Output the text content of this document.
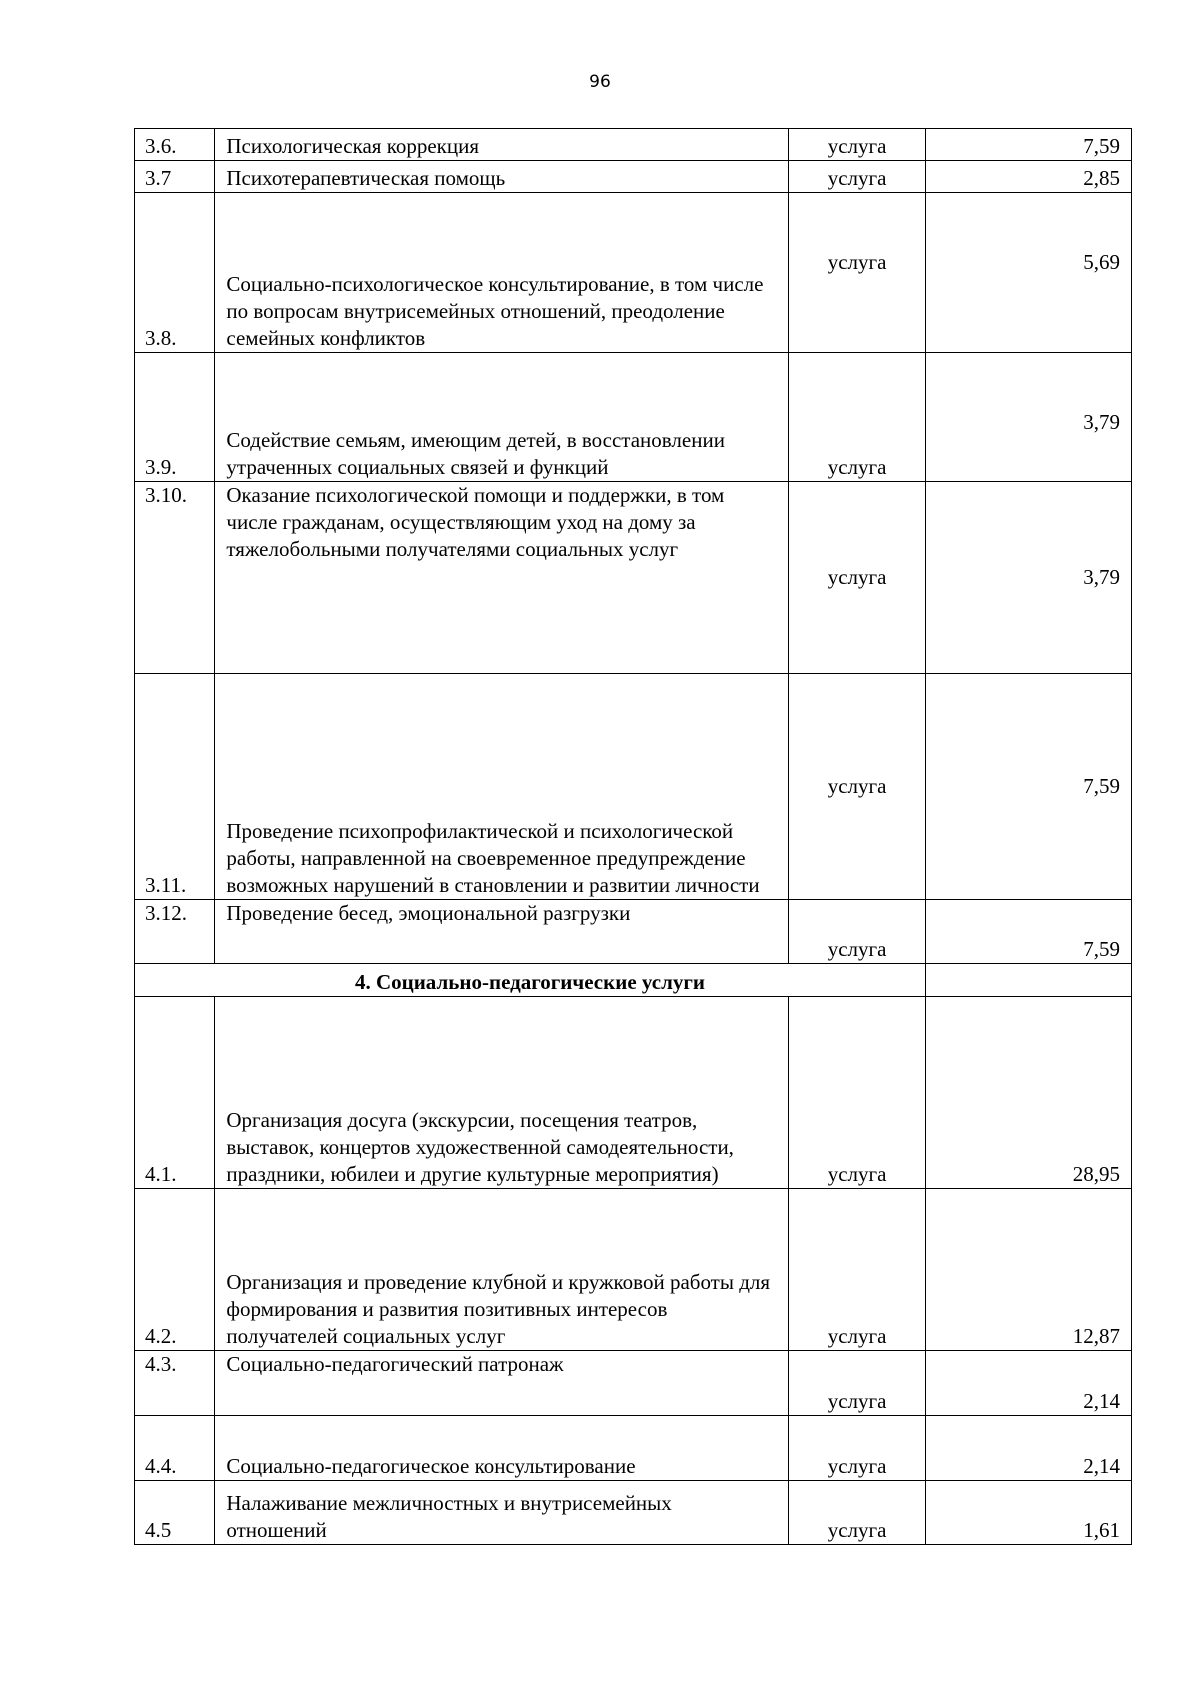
96
3.6.	Психологическая коррекция	услуга	7,59
3.7	Психотерапевтическая помощь	услуга	2,85
3.8.	Социально-психологическое консультирование, в том числе по вопросам внутрисемейных отношений, преодоление семейных конфликтов	услуга	5,69
3.9.	Содействие семьям, имеющим детей, в восстановлении утраченных социальных связей и функций	услуга	3,79
3.10.	Оказание психологической помощи и поддержки, в том числе гражданам, осуществляющим уход на дому за тяжелобольными получателями социальных услуг	услуга	3,79
3.11.	Проведение психопрофилактической и психологической работы, направленной на своевременное предупреждение возможных нарушений в становлении и развитии личности	услуга	7,59
3.12.	Проведение бесед, эмоциональной разгрузки	услуга	7,59
4. Социально-педагогические услуги			
4.1.	Организация досуга (экскурсии, посещения театров, выставок, концертов художественной самодеятельности, праздники, юбилеи и другие культурные мероприятия)	услуга	28,95
4.2.	Организация и проведение клубной и кружковой работы для формирования и развития позитивных интересов получателей социальных услуг	услуга	12,87
4.3.	Социально-педагогический патронаж	услуга	2,14
4.4.	Социально-педагогическое консультирование	услуга	2,14
4.5	Налаживание межличностных и внутрисемейных отношений	услуга	1,61
